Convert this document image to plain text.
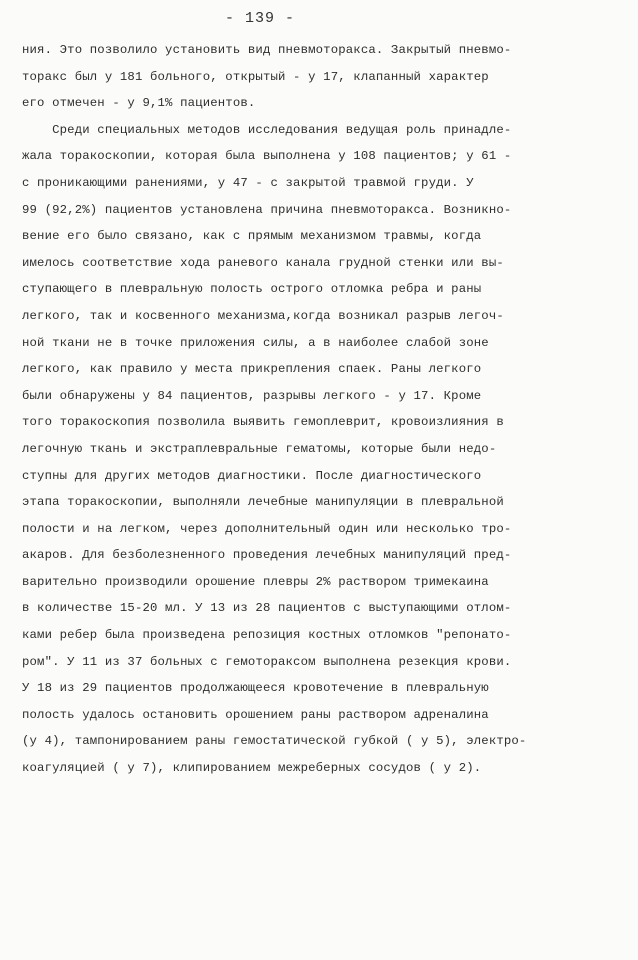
- 139 -
ния. Это позволило установить вид пневмоторакса. Закрытый пневмо-
торакс был у 181 больного, открытый - у 17, клапанный характер
его отмечен - у 9,1% пациентов.
Среди специальных методов исследования ведущая роль принадле-
жала торакоскопии, которая была выполнена у 108 пациентов; у 61 -
с проникающими ранениями, у 47 - с закрытой травмой груди. У
99 (92,2%) пациентов установлена причина пневмоторакса. Возникно-
вение его было связано, как с прямым механизмом травмы, когда
имелось соответствие хода раневого канала грудной стенки или вы-
ступающего в плевральную полость острого отломка ребра и раны
легкого, так и косвенного механизма,когда возникал разрыв легоч-
ной ткани не в точке приложения силы, а в наиболее слабой зоне
легкого, как правило у места прикрепления спаек. Раны легкого
были обнаружены у 84 пациентов, разрывы легкого - у 17. Кроме
того торакоскопия позволила выявить гемоплеврит, кровоизлияния в
легочную ткань и экстраплевральные гематомы, которые были недо-
ступны для других методов диагностики. После диагностического
этапа торакоскопии, выполняли лечебные манипуляции в плевральной
полости и на легком, через дополнительный один или несколько тро-
акаров. Для безболезненного проведения лечебных манипуляций пред-
варительно производили орошение плевры 2% раствором тримекаина
в количестве 15-20 мл. У 13 из 28 пациентов с выступающими отлом-
ками ребер была произведена репозиция костных отломков "репонато-
ром". У 11 из 37 больных с гемотораксом выполнена резекция крови.
У 18 из 29 пациентов продолжающееся кровотечение в плевральную
полость удалось остановить орошением раны раствором адреналина
(у 4), тампонированием раны гемостатической губкой ( у 5), электро-
коагуляцией ( у 7), клипированием межреберных сосудов ( у 2).
